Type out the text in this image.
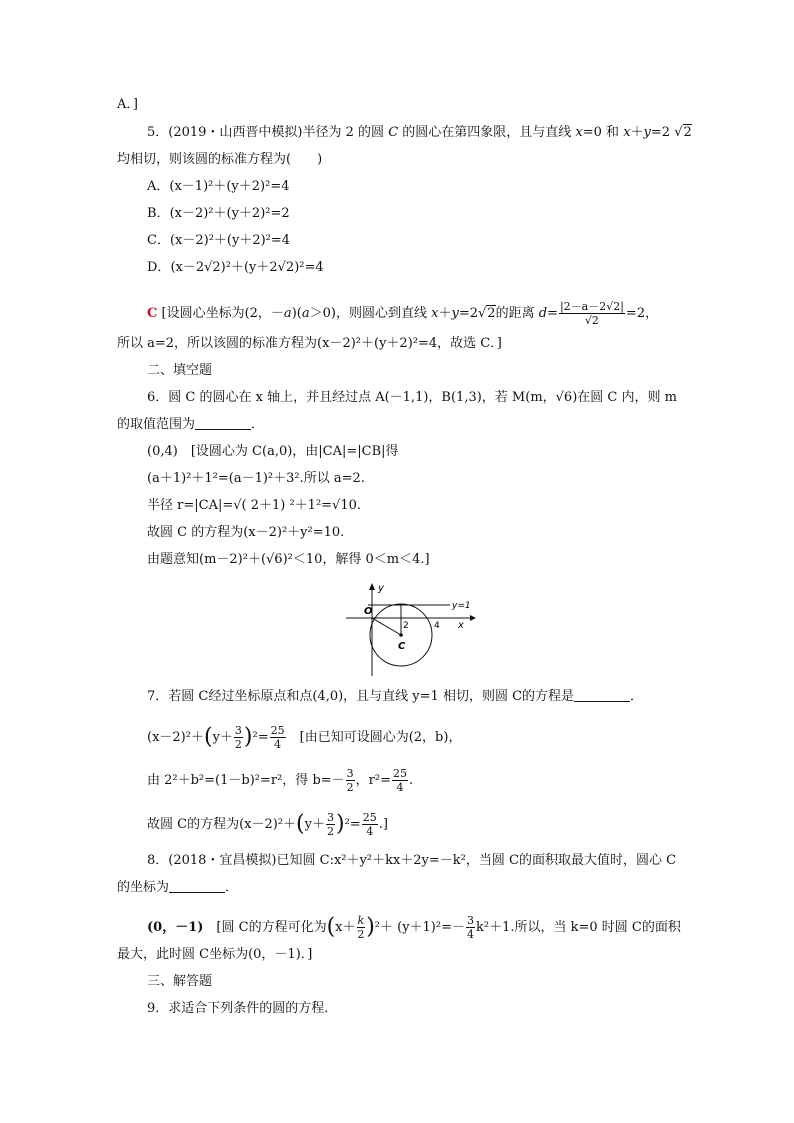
A．]
5．(2019・山西晋中模拟)半径为 2 的圆 C 的圆心在第四象限，且与直线 x=0 和 x＋y=2 √2
均相切，则该圆的标准方程为(　　)
A．(x－1)²＋(y＋2)²=4
B．(x－2)²＋(y＋2)²=2
C．(x－2)²＋(y＋2)²=4
D．(x－2√2)²＋(y＋2√2)²=4
C [设圆心坐标为(2，－a)(a＞0)，则圆心到直线 x＋y=2√2的距离 $d= \frac{|2-a-2√2|}{√2} =2$，
所以 a=2，所以该圆的标准方程为(x－2)²＋(y＋2)²=4，故选 C．]
二、填空题
6．圆 C 的圆心在 x 轴上，并且经过点 A(－1,1)，B(1,3)，若 M(m，√6)在圆 C 内，则 m
的取值范围为	．
(0,4)　 [设圆心为 C(a,0)，由|CA|=|CB|得
(a＋1)²＋1²=(a－1)²＋3².所以 a=2.
半径 r=|CA|=√( 2＋1) ²＋1²=√10.
故圆 C 的方程为(x－2)²＋y²=10.
由题意知(m－2)²＋(√6)²＜10，解得 0＜m＜4.]
y
x
O	y=1
2	4
C
7．若圆 C经过坐标原点和点(4,0)，且与直线 y=1 相切，则圆 C的方程是	．
$(x-2)^2+(y+ \frac{3}{2} )^2= \frac{25}{4}$
　 [由已知可设圆心为(2，b)，
由 2²＋b²=(1－b)²=r²，得 $b=- \frac{3}{2}$ ，$r^2= \frac{25}{4}$ .
故圆 C的方程为$(x-2)^2+(y+ \frac{3}{2} )^2= \frac{25}{4}$ .]
8．(2018・宜昌模拟)已知圆 C:x²＋y²＋kx＋2y=－k²，当圆 C的面积取最大值时，圆心 C
的坐标为	．
(0，－1)　 [圆 C的方程可化为$(x+ \frac{k}{2} )^2+ (y+1)^2=- \frac{3}{4} k^2+1$.所以，当 k=0 时圆 C的面积
最大，此时圆 C坐标为(0，－1)．]
三、解答题
9．求适合下列条件的圆的方程．
